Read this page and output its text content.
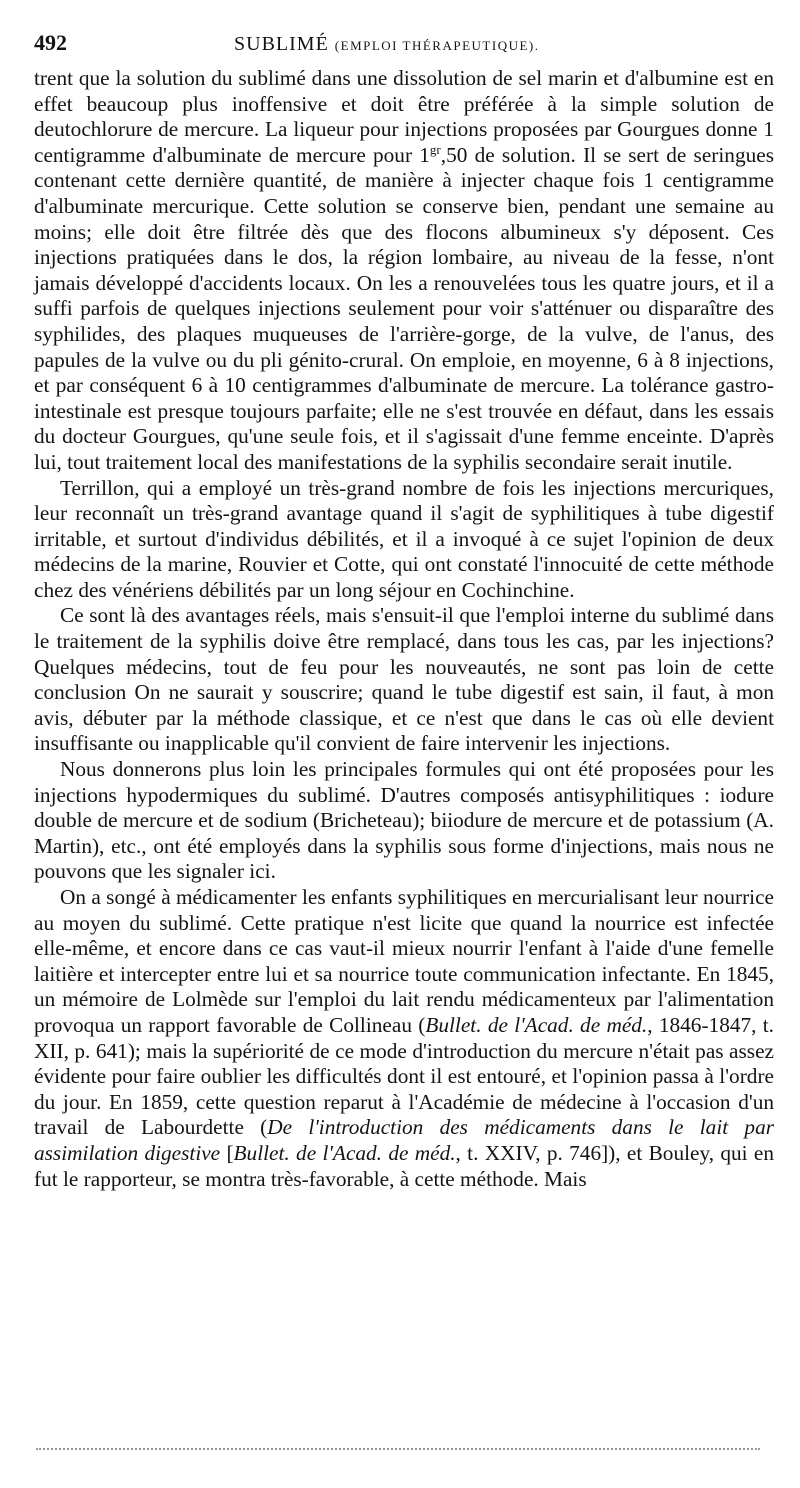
492	SUBLIMÉ (EMPLOI THÉRAPEUTIQUE).

trent que la solution du sublimé dans une dissolution de sel marin et d'albumine est en effet beaucoup plus inoffensive et doit être préférée à la simple solution de deutochlorure de mercure. La liqueur pour injections proposées par Gourgues donne 1 centigramme d'albuminate de mercure pour $1^{gr},50$ de solution. Il se sert de seringues contenant cette dernière quantité, de manière à injecter chaque fois 1 centigramme d'albuminate mercurique. Cette solution se conserve bien, pendant une semaine au moins; elle doit être filtrée dès que des flocons albumineux s'y déposent. Ces injections pratiquées dans le dos, la région lombaire, au niveau de la fesse, n'ont jamais développé d'accidents locaux. On les a renouvelées tous les quatre jours, et il a suffi parfois de quelques injections seulement pour voir s'atténuer ou disparaître des syphilides, des plaques muqueuses de l'arrière-gorge, de la vulve, de l'anus, des papules de la vulve ou du pli génito-crural. On emploie, en moyenne, 6 à 8 injections, et par conséquent 6 à 10 centigrammes d'albuminate de mercure. La tolérance gastro-intestinale est presque toujours parfaite; elle ne s'est trouvée en défaut, dans les essais du docteur Gourgues, qu'une seule fois, et il s'agissait d'une femme enceinte. D'après lui, tout traitement local des manifestations de la syphilis secondaire serait inutile.

Terrillon, qui a employé un très-grand nombre de fois les injections mercuriques, leur reconnaît un très-grand avantage quand il s'agit de syphilitiques à tube digestif irritable, et surtout d'individus débilités, et il a invoqué à ce sujet l'opinion de deux médecins de la marine, Rouvier et Cotte, qui ont constaté l'innocuité de cette méthode chez des vénériens débilités par un long séjour en Cochinchine.

Ce sont là des avantages réels, mais s'ensuit-il que l'emploi interne du sublimé dans le traitement de la syphilis doive être remplacé, dans tous les cas, par les injections? Quelques médecins, tout de feu pour les nouveautés, ne sont pas loin de cette conclusion On ne saurait y souscrire; quand le tube digestif est sain, il faut, à mon avis, débuter par la méthode classique, et ce n'est que dans le cas où elle devient insuffisante ou inapplicable qu'il convient de faire intervenir les injections.

Nous donnerons plus loin les principales formules qui ont été proposées pour les injections hypodermiques du sublimé. D'autres composés antisyphilitiques : iodure double de mercure et de sodium (Bricheteau); biiodure de mercure et de potassium (A. Martin), etc., ont été employés dans la syphilis sous forme d'injections, mais nous ne pouvons que les signaler ici.

On a songé à médicamenter les enfants syphilitiques en mercurialisant leur nourrice au moyen du sublimé. Cette pratique n'est licite que quand la nourrice est infectée elle-même, et encore dans ce cas vaut-il mieux nourrir l'enfant à l'aide d'une femelle laitière et intercepter entre lui et sa nourrice toute communication infectante. En 1845, un mémoire de Lolmède sur l'emploi du lait rendu médicamenteux par l'alimentation provoqua un rapport favorable de Collineau (Bullet. de l'Acad. de méd., 1846-1847, t. XII, p. 641); mais la supériorité de ce mode d'introduction du mercure n'était pas assez évidente pour faire oublier les difficultés dont il est entouré, et l'opinion passa à l'ordre du jour. En 1859, cette question reparut à l'Académie de médecine à l'occasion d'un travail de Labourdette (De l'introduction des médicaments dans le lait par assimilation digestive [Bullet. de l'Acad. de méd., t. XXIV, p. 746]), et Bouley, qui en fut le rapporteur, se montra très-favorable, à cette méthode. Mais
